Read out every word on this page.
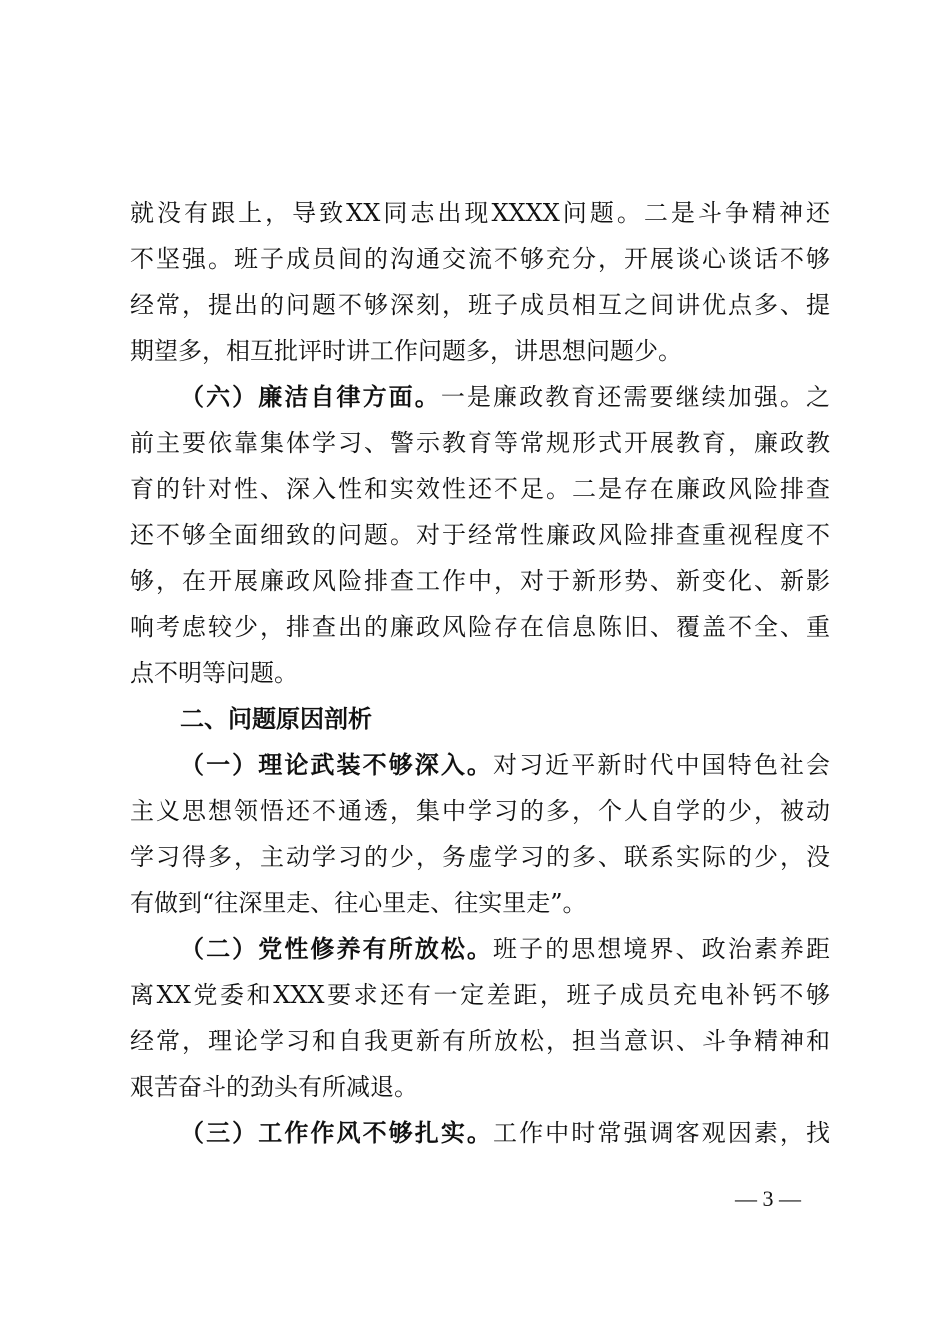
就没有跟上，导致XX同志出现XXXX问题。二是斗争精神还
不坚强。班子成员间的沟通交流不够充分，开展谈心谈话不够
经常，提出的问题不够深刻，班子成员相互之间讲优点多、提
期望多，相互批评时讲工作问题多，讲思想问题少。
（六）廉洁自律方面。一是廉政教育还需要继续加强。之
前主要依靠集体学习、警示教育等常规形式开展教育，廉政教
育的针对性、深入性和实效性还不足。二是存在廉政风险排查
还不够全面细致的问题。对于经常性廉政风险排查重视程度不
够，在开展廉政风险排查工作中，对于新形势、新变化、新影
响考虑较少，排查出的廉政风险存在信息陈旧、覆盖不全、重
点不明等问题。
二、问题原因剖析
（一）理论武装不够深入。对习近平新时代中国特色社会
主义思想领悟还不通透，集中学习的多，个人自学的少，被动
学习得多，主动学习的少，务虚学习的多、联系实际的少，没
有做到“往深里走、往心里走、往实里走”。
（二）党性修养有所放松。班子的思想境界、政治素养距
离XX党委和XXX要求还有一定差距，班子成员充电补钙不够
经常，理论学习和自我更新有所放松，担当意识、斗争精神和
艰苦奋斗的劲头有所减退。
（三）工作作风不够扎实。工作中时常强调客观因素，找
— 3 —
